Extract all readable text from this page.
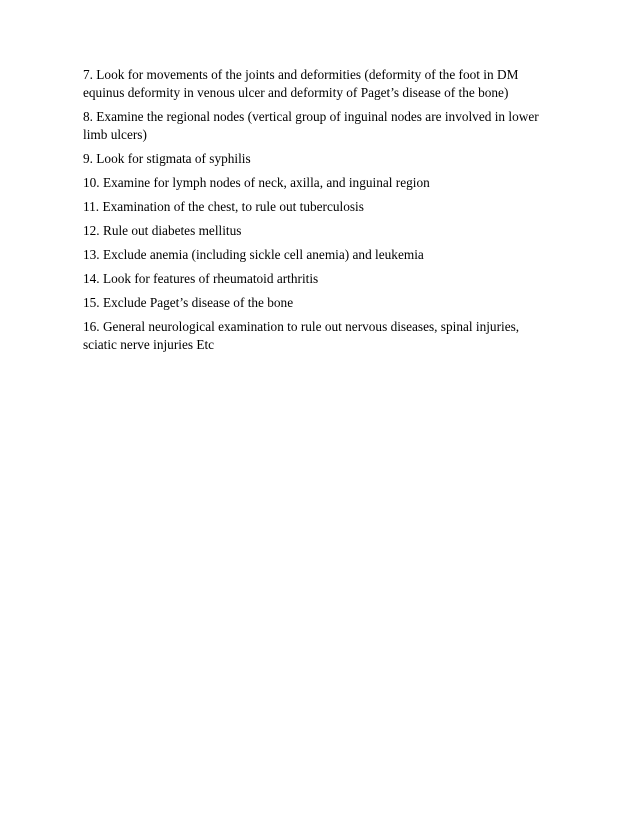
7. Look for movements of the joints and deformities (deformity of the foot in DM equinus deformity in venous ulcer and deformity of Paget’s disease of the bone)

8. Examine the regional nodes (vertical group of inguinal nodes are involved in lower limb ulcers)

9. Look for stigmata of syphilis

10. Examine for lymph nodes of neck, axilla, and inguinal region

11. Examination of the chest, to rule out tuberculosis

12. Rule out diabetes mellitus

13. Exclude anemia (including sickle cell anemia) and leukemia

14. Look for features of rheumatoid arthritis

15. Exclude Paget’s disease of the bone

16. General neurological examination to rule out nervous diseases, spinal injuries, sciatic nerve injuries Etc
